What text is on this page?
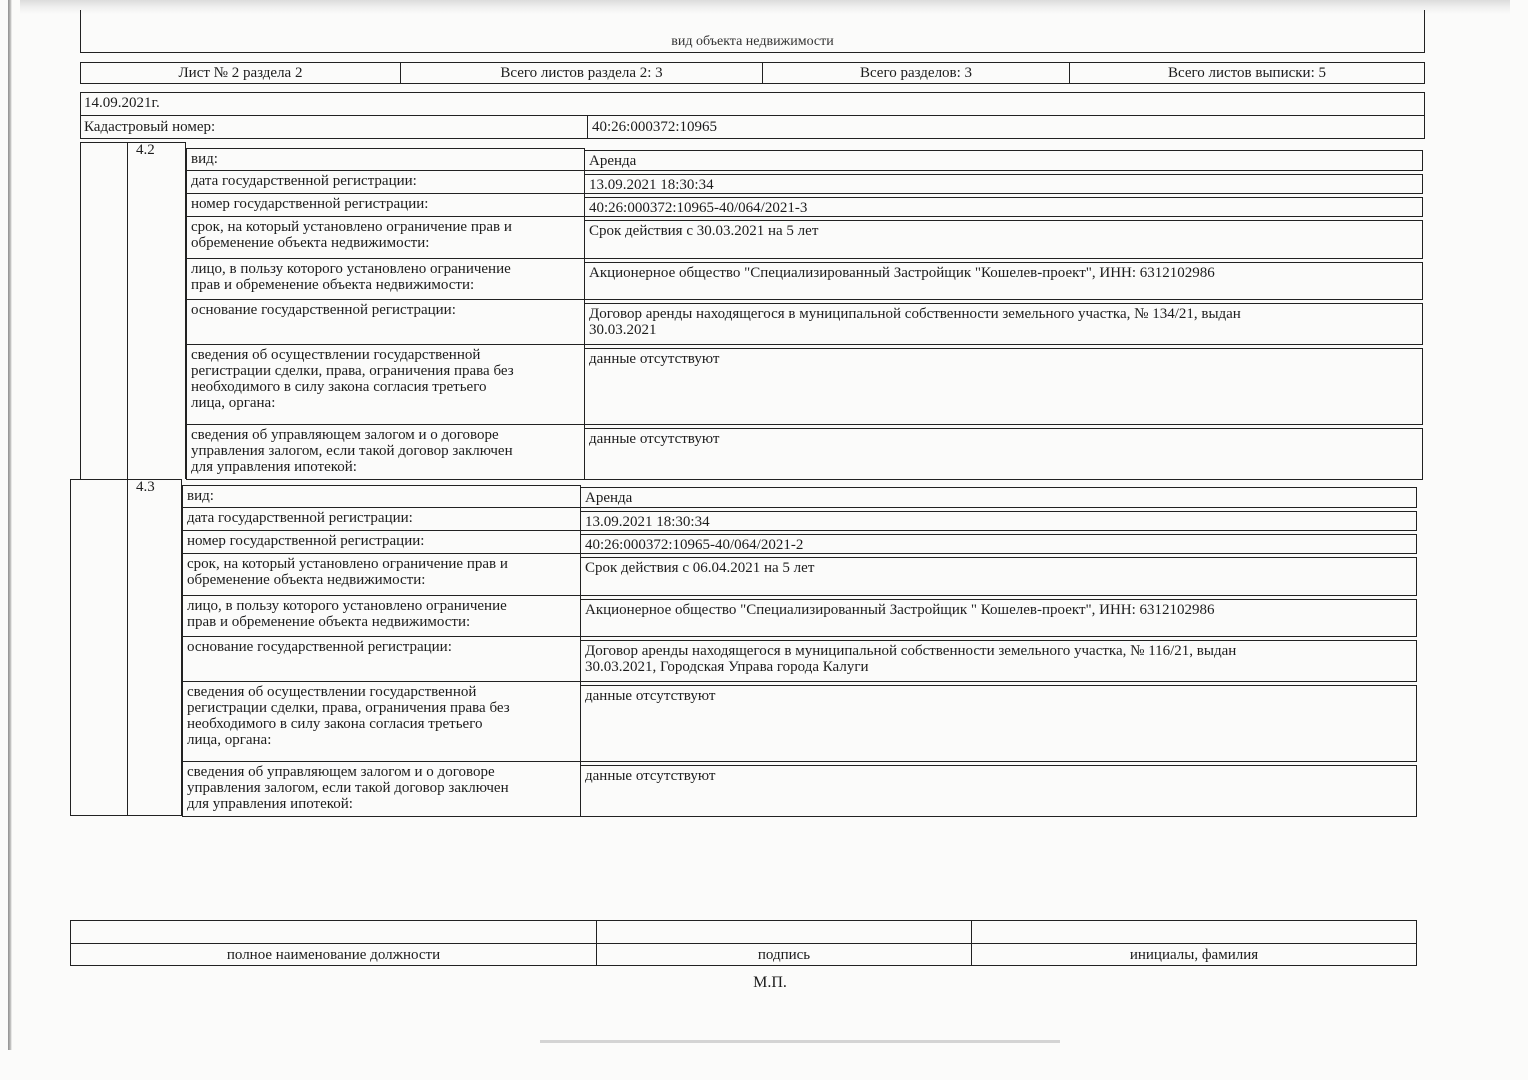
вид объекта недвижимости
Лист № 2 раздела 2	Всего листов раздела 2: 3	Всего разделов: 3	Всего листов выписки: 5
14.09.2021г.
Кадастровый номер:	40:26:000372:10965
4.2
вид:	Аренда
дата государственной регистрации:	13.09.2021 18:30:34
номер государственной регистрации:	40:26:000372:10965-40/064/2021-3
срок, на который установлено ограничение прав и
обременение объекта недвижимости:
Срок действия с 30.03.2021 на 5 лет
лицо, в пользу которого установлено ограничение
прав и обременение объекта недвижимости:
Акционерное общество "Специализированный Застройщик "Кошелев-проект", ИНН: 6312102986
основание государственной регистрации:	Договор аренды находящегося в муниципальной собственности земельного участка, № 134/21, выдан
30.03.2021
сведения об осуществлении государственной
регистрации сделки, права, ограничения права без
необходимого в силу закона согласия третьего
лица, органа:
данные отсутствуют
сведения об управляющем залогом и о договоре
управления залогом, если такой договор заключен
для управления ипотекой:
данные отсутствуют
4.3
вид:	Аренда
дата государственной регистрации:	13.09.2021 18:30:34
номер государственной регистрации:	40:26:000372:10965-40/064/2021-2
срок, на который установлено ограничение прав и
обременение объекта недвижимости:
Срок действия с 06.04.2021 на 5 лет
лицо, в пользу которого установлено ограничение
прав и обременение объекта недвижимости:
Акционерное общество "Специализированный Застройщик " Кошелев-проект", ИНН: 6312102986
основание государственной регистрации:	Договор аренды находящегося в муниципальной собственности земельного участка, № 116/21, выдан
30.03.2021, Городская Управа города Калуги
сведения об осуществлении государственной
регистрации сделки, права, ограничения права без
необходимого в силу закона согласия третьего
лица, органа:
данные отсутствуют
сведения об управляющем залогом и о договоре
управления залогом, если такой договор заключен
для управления ипотекой:
данные отсутствуют
полное наименование должности	подпись	инициалы, фамилия
М.П.
